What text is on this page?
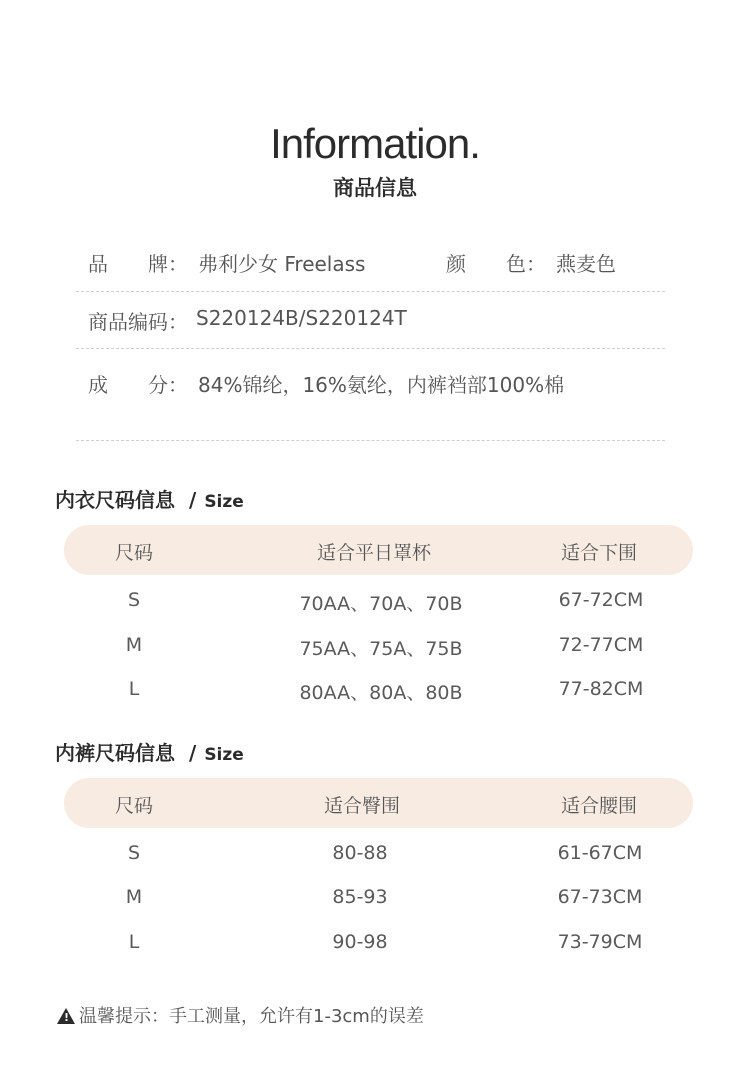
Information.
商品信息
品　　牌： 弗利少女 Freelass	颜　　色： 燕麦色
商品编码： S220124B/S220124T
成　　分： 84%锦纶，16%氨纶，内裤裆部100%棉
内衣尺码信息 / Size
尺码	适合平日罩杯	适合下围
S	70AA、70A、70B	67-72CM
M	75AA、75A、75B	72-77CM
L	80AA、80A、80B	77-82CM
内裤尺码信息 / Size
尺码	适合臀围	适合腰围
S	80-88	61-67CM
M	85-93	67-73CM
L	90-98	73-79CM
!温馨提示：手工测量，允许有1-3cm的误差
